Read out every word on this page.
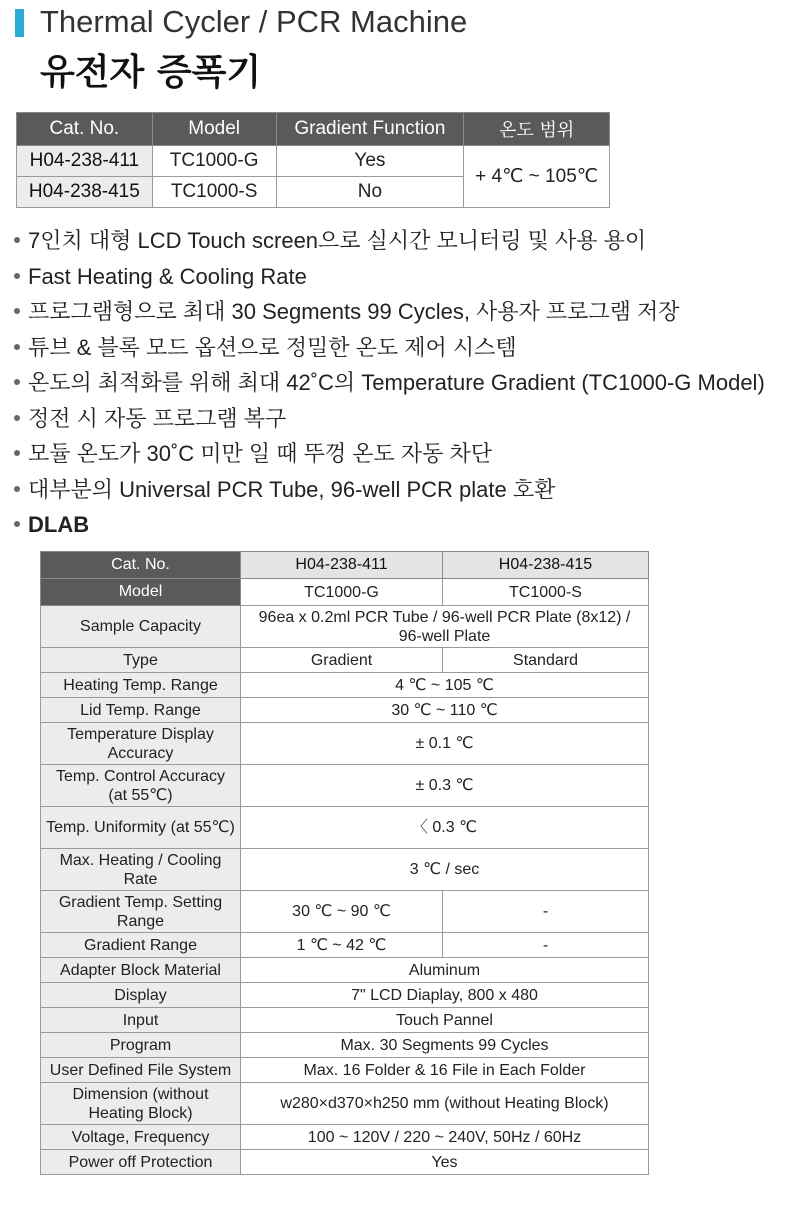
Thermal Cycler / PCR Machine
유전자 증폭기
Cat. No.	Model	Gradient Function	온도 범위
H04-238-411	TC1000-G	Yes	+ 4℃ ~ 105℃
H04-238-415	TC1000-S	No	
7인치 대형 LCD Touch screen으로 실시간 모니터링 및 사용 용이
Fast Heating & Cooling Rate
프로그램형으로 최대 30 Segments 99 Cycles, 사용자 프로그램 저장
튜브 & 블록 모드 옵션으로 정밀한 온도 제어 시스템
온도의 최적화를 위해 최대 42˚C의 Temperature Gradient (TC1000-G Model)
정전 시 자동 프로그램 복구
모듈 온도가 30˚C 미만 일 때 뚜껑 온도 자동 차단
대부분의 Universal PCR Tube, 96-well PCR plate 호환
DLAB
Cat. No.	H04-238-411	H04-238-415
Model	TC1000-G	TC1000-S
Sample Capacity	96ea x 0.2ml PCR Tube / 96-well PCR Plate (8x12) / 96-well Plate	
Type	Gradient	Standard
Heating Temp. Range	4 ℃ ~ 105 ℃	
Lid Temp. Range	30 ℃ ~ 110 ℃	
Temperature Display Accuracy	± 0.1 ℃	
Temp. Control Accuracy (at 55℃)	± 0.3 ℃	
Temp. Uniformity (at 55℃)	〈 0.3 ℃	
Max. Heating / Cooling Rate	3 ℃ / sec	
Gradient Temp. Setting Range	30 ℃ ~ 90 ℃	-
Gradient Range	1 ℃ ~ 42 ℃	-
Adapter Block Material	Aluminum	
Display	7" LCD Diaplay, 800 x 480	
Input	Touch Pannel	
Program	Max. 30 Segments 99 Cycles	
User Defined File System	Max. 16 Folder & 16 File in Each Folder	
Dimension (without Heating Block)	w280×d370×h250 mm (without Heating Block)	
Voltage, Frequency	100 ~ 120V / 220 ~ 240V, 50Hz / 60Hz	
Power off Protection	Yes	
